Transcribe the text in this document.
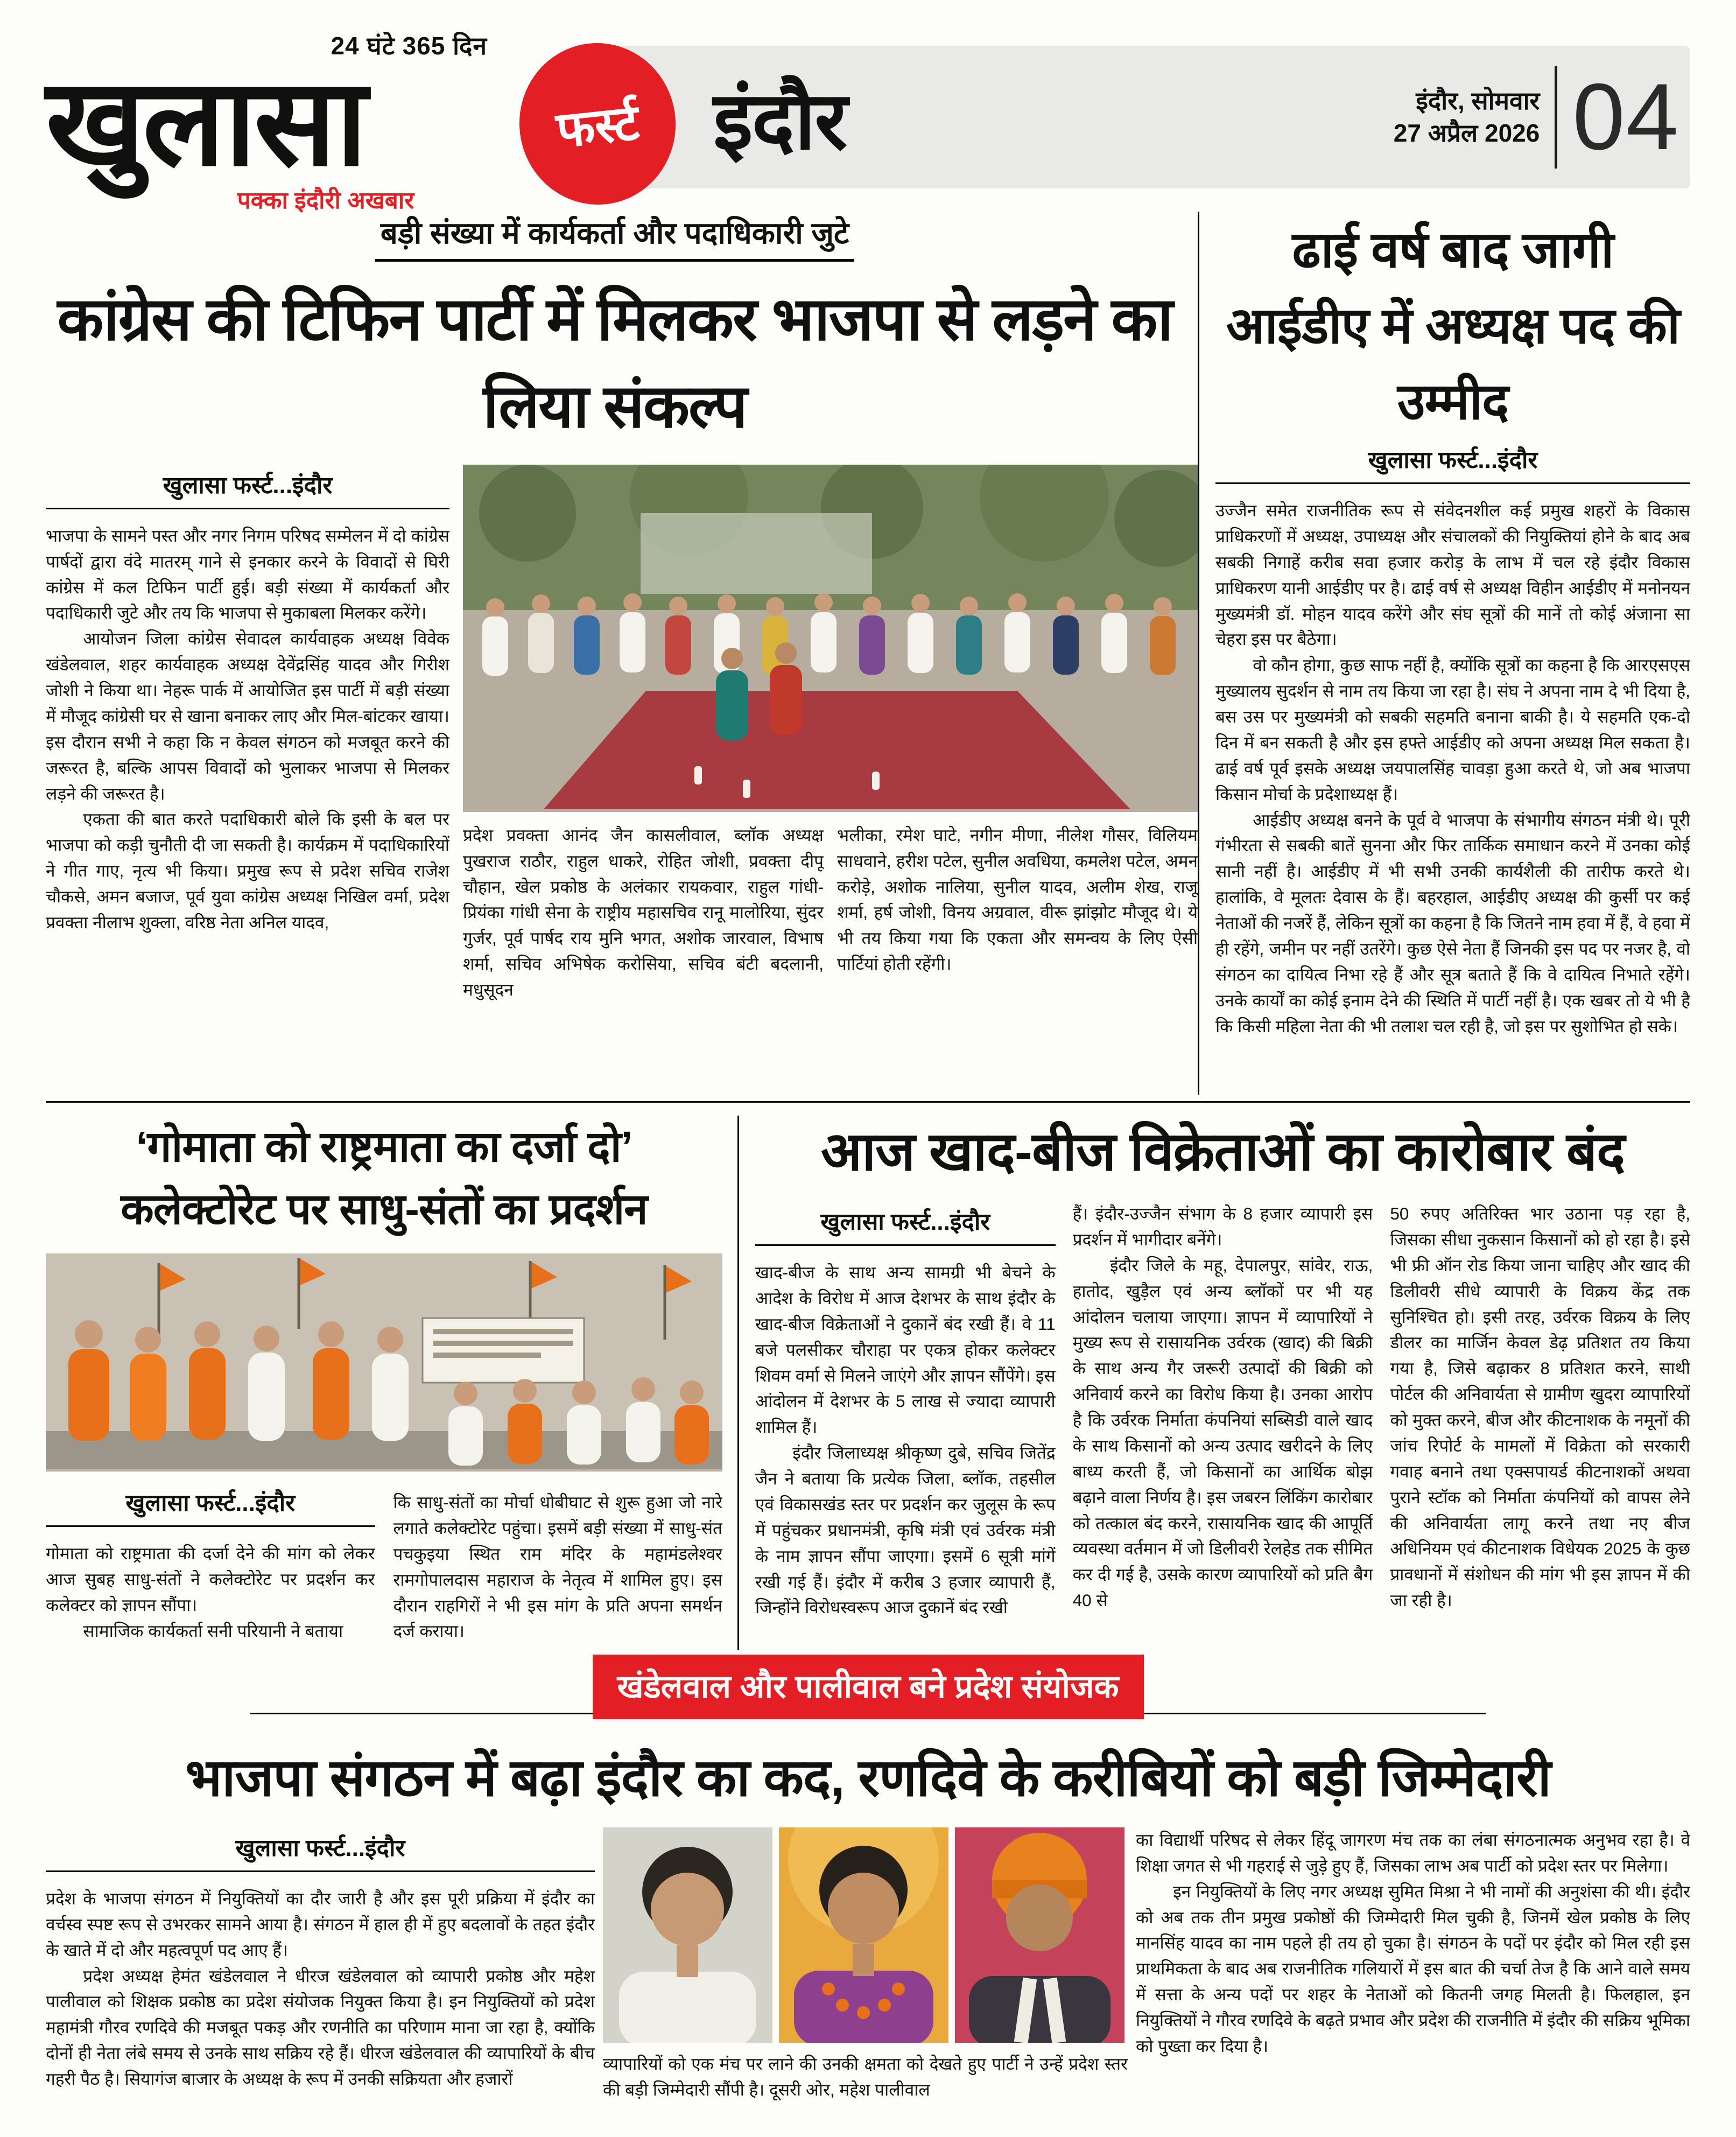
इंदौर	इंदौर, सोमवार
27 अप्रैल 2026 04
24 घंटे 365 दिन
खुलासा
पक्का इंदौरी अखबार
फर्स्ट
बड़ी संख्या में कार्यकर्ता और पदाधिकारी जुटे
कांग्रेस की टिफिन पार्टी में मिलकर भाजपा से लड़ने का लिया संकल्प
खुलासा फर्स्ट...इंदौर

भाजपा के सामने पस्त और नगर निगम परिषद सम्मेलन में दो कांग्रेस पार्षदों द्वारा वंदे मातरम् गाने से इनकार करने के विवादों से घिरी कांग्रेस में कल टिफिन पार्टी हुई। बड़ी संख्या में कार्यकर्ता और पदाधिकारी जुटे और तय कि भाजपा से मुकाबला मिलकर करेंगे।

आयोजन जिला कांग्रेस सेवादल कार्यवाहक अध्यक्ष विवेक खंडेलवाल, शहर कार्यवाहक अध्यक्ष देवेंद्रसिंह यादव और गिरीश जोशी ने किया था। नेहरू पार्क में आयोजित इस पार्टी में बड़ी संख्या में मौजूद कांग्रेसी घर से खाना बनाकर लाए और मिल-बांटकर खाया। इस दौरान सभी ने कहा कि न केवल संगठन को मजबूत करने की जरूरत है, बल्कि आपस विवादों को भुलाकर भाजपा से मिलकर लड़ने की जरूरत है।

एकता की बात करते पदाधिकारी बोले कि इसी के बल पर भाजपा को कड़ी चुनौती दी जा सकती है। कार्यक्रम में पदाधिकारियों ने गीत गाए, नृत्य भी किया। प्रमुख रूप से प्रदेश सचिव राजेश चौकसे, अमन बजाज, पूर्व युवा कांग्रेस अध्यक्ष निखिल वर्मा, प्रदेश प्रवक्ता नीलाभ शुक्ला, वरिष्ठ नेता अनिल यादव,

प्रदेश प्रवक्ता आनंद जैन कासलीवाल, ब्लॉक अध्यक्ष पुखराज राठौर, राहुल धाकरे, रोहित जोशी, प्रवक्ता दीपू चौहान, खेल प्रकोष्ठ के अलंकार रायकवार, राहुल गांधी-प्रियंका गांधी सेना के राष्ट्रीय महासचिव रानू मालोरिया, सुंदर गुर्जर, पूर्व पार्षद राय मुनि भगत, अशोक जारवाल, विभाष शर्मा, सचिव अभिषेक करोसिया, सचिव बंटी बदलानी, मधुसूदन

भलीका, रमेश घाटे, नगीन मीणा, नीलेश गौसर, विलियम साधवाने, हरीश पटेल, सुनील अवधिया, कमलेश पटेल, अमन करोड़े, अशोक नालिया, सुनील यादव, अलीम शेख, राजू शर्मा, हर्ष जोशी, विनय अग्रवाल, वीरू झांझोट मौजूद थे। ये भी तय किया गया कि एकता और समन्वय के लिए ऐसी पार्टियां होती रहेंगी।

ढाई वर्ष बाद जागी आईडीए में अध्यक्ष पद की उम्मीद
खुलासा फर्स्ट...इंदौर

उज्जैन समेत राजनीतिक रूप से संवेदनशील कई प्रमुख शहरों के विकास प्राधिकरणों में अध्यक्ष, उपाध्यक्ष और संचालकों की नियुक्तियां होने के बाद अब सबकी निगाहें करीब सवा हजार करोड़ के लाभ में चल रहे इंदौर विकास प्राधिकरण यानी आईडीए पर है। ढाई वर्ष से अध्यक्ष विहीन आईडीए में मनोनयन मुख्यमंत्री डॉ. मोहन यादव करेंगे और संघ सूत्रों की मानें तो कोई अंजाना सा चेहरा इस पर बैठेगा।

वो कौन होगा, कुछ साफ नहीं है, क्योंकि सूत्रों का कहना है कि आरएसएस मुख्यालय सुदर्शन से नाम तय किया जा रहा है। संघ ने अपना नाम दे भी दिया है, बस उस पर मुख्यमंत्री को सबकी सहमति बनाना बाकी है। ये सहमति एक-दो दिन में बन सकती है और इस हफ्ते आईडीए को अपना अध्यक्ष मिल सकता है। ढाई वर्ष पूर्व इसके अध्यक्ष जयपालसिंह चावड़ा हुआ करते थे, जो अब भाजपा किसान मोर्चा के प्रदेशाध्यक्ष हैं।

आईडीए अध्यक्ष बनने के पूर्व वे भाजपा के संभागीय संगठन मंत्री थे। पूरी गंभीरता से सबकी बातें सुनना और फिर तार्किक समाधान करने में उनका कोई सानी नहीं है। आईडीए में भी सभी उनकी कार्यशैली की तारीफ करते थे। हालांकि, वे मूलतः देवास के हैं। बहरहाल, आईडीए अध्यक्ष की कुर्सी पर कई नेताओं की नजरें हैं, लेकिन सूत्रों का कहना है कि जितने नाम हवा में हैं, वे हवा में ही रहेंगे, जमीन पर नहीं उतरेंगे। कुछ ऐसे नेता हैं जिनकी इस पद पर नजर है, वो संगठन का दायित्व निभा रहे हैं और सूत्र बताते हैं कि वे दायित्व निभाते रहेंगे। उनके कार्यों का कोई इनाम देने की स्थिति में पार्टी नहीं है। एक खबर तो ये भी है कि किसी महिला नेता की भी तलाश चल रही है, जो इस पर सुशोभित हो सके।

‘गोमाता को राष्ट्रमाता का दर्जा दो’
कलेक्टोरेट पर साधु-संतों का प्रदर्शन
खुलासा फर्स्ट...इंदौर

गोमाता को राष्ट्रमाता की दर्जा देने की मांग को लेकर आज सुबह साधु-संतों ने कलेक्टोरेट पर प्रदर्शन कर कलेक्टर को ज्ञापन सौंपा।

सामाजिक कार्यकर्ता सनी परियानी ने बताया

कि साधु-संतों का मोर्चा धोबीघाट से शुरू हुआ जो नारे लगाते कलेक्टोरेट पहुंचा। इसमें बड़ी संख्या में साधु-संत पचकुइया स्थित राम मंदिर के महामंडलेश्वर रामगोपालदास महाराज के नेतृत्व में शामिल हुए। इस दौरान राहगिरों ने भी इस मांग के प्रति अपना समर्थन दर्ज कराया।

आज खाद-बीज विक्रेताओं का कारोबार बंद
खुलासा फर्स्ट...इंदौर

खाद-बीज के साथ अन्य सामग्री भी बेचने के आदेश के विरोध में आज देशभर के साथ इंदौर के खाद-बीज विक्रेताओं ने दुकानें बंद रखी हैं। वे 11 बजे पलसीकर चौराहा पर एकत्र होकर कलेक्टर शिवम वर्मा से मिलने जाएंगे और ज्ञापन सौंपेंगे। इस आंदोलन में देशभर के 5 लाख से ज्यादा व्यापारी शामिल हैं।

इंदौर जिलाध्यक्ष श्रीकृष्ण दुबे, सचिव जितेंद्र जैन ने बताया कि प्रत्येक जिला, ब्लॉक, तहसील एवं विकासखंड स्तर पर प्रदर्शन कर जुलूस के रूप में पहुंचकर प्रधानमंत्री, कृषि मंत्री एवं उर्वरक मंत्री के नाम ज्ञापन सौंपा जाएगा। इसमें 6 सूत्री मांगें रखी गई हैं। इंदौर में करीब 3 हजार व्यापारी हैं, जिन्होंने विरोधस्वरूप आज दुकानें बंद रखी

हैं। इंदौर-उज्जैन संभाग के 8 हजार व्यापारी इस प्रदर्शन में भागीदार बनेंगे।

इंदौर जिले के महू, देपालपुर, सांवेर, राऊ, हातोद, खुड़ैल एवं अन्य ब्लॉकों पर भी यह आंदोलन चलाया जाएगा। ज्ञापन में व्यापारियों ने मुख्य रूप से रासायनिक उर्वरक (खाद) की बिक्री के साथ अन्य गैर जरूरी उत्पादों की बिक्री को अनिवार्य करने का विरोध किया है। उनका आरोप है कि उर्वरक निर्माता कंपनियां सब्सिडी वाले खाद के साथ किसानों को अन्य उत्पाद खरीदने के लिए बाध्य करती हैं, जो किसानों का आर्थिक बोझ बढ़ाने वाला निर्णय है। इस जबरन लिंकिंग कारोबार को तत्काल बंद करने, रासायनिक खाद की आपूर्ति व्यवस्था वर्तमान में जो डिलीवरी रेलहेड तक सीमित कर दी गई है, उसके कारण व्यापारियों को प्रति बैग 40 से

50 रुपए अतिरिक्त भार उठाना पड़ रहा है, जिसका सीधा नुकसान किसानों को हो रहा है। इसे भी फ्री ऑन रोड किया जाना चाहिए और खाद की डिलीवरी सीधे व्यापारी के विक्रय केंद्र तक सुनिश्चित हो। इसी तरह, उर्वरक विक्रय के लिए डीलर का मार्जिन केवल डेढ़ प्रतिशत तय किया गया है, जिसे बढ़ाकर 8 प्रतिशत करने, साथी पोर्टल की अनिवार्यता से ग्रामीण खुदरा व्यापारियों को मुक्त करने, बीज और कीटनाशक के नमूनों की जांच रिपोर्ट के मामलों में विक्रेता को सरकारी गवाह बनाने तथा एक्सपायर्ड कीटनाशकों अथवा पुराने स्टॉक को निर्माता कंपनियों को वापस लेने की अनिवार्यता लागू करने तथा नए बीज अधिनियम एवं कीटनाशक विधेयक 2025 के कुछ प्रावधानों में संशोधन की मांग भी इस ज्ञापन में की जा रही है।

खंडेलवाल और पालीवाल बने प्रदेश संयोजक
भाजपा संगठन में बढ़ा इंदौर का कद, रणदिवे के करीबियों को बड़ी जिम्मेदारी
खुलासा फर्स्ट...इंदौर

प्रदेश के भाजपा संगठन में नियुक्तियों का दौर जारी है और इस पूरी प्रक्रिया में इंदौर का वर्चस्व स्पष्ट रूप से उभरकर सामने आया है। संगठन में हाल ही में हुए बदलावों के तहत इंदौर के खाते में दो और महत्वपूर्ण पद आए हैं।

प्रदेश अध्यक्ष हेमंत खंडेलवाल ने धीरज खंडेलवाल को व्यापारी प्रकोष्ठ और महेश पालीवाल को शिक्षक प्रकोष्ठ का प्रदेश संयोजक नियुक्त किया है। इन नियुक्तियों को प्रदेश महामंत्री गौरव रणदिवे की मजबूत पकड़ और रणनीति का परिणाम माना जा रहा है, क्योंकि दोनों ही नेता लंबे समय से उनके साथ सक्रिय रहे हैं। धीरज खंडेलवाल की व्यापारियों के बीच गहरी पैठ है। सियागंज बाजार के अध्यक्ष के रूप में उनकी सक्रियता और हजारों

व्यापारियों को एक मंच पर लाने की उनकी क्षमता को देखते हुए पार्टी ने उन्हें प्रदेश स्तर की बड़ी जिम्मेदारी सौंपी है। दूसरी ओर, महेश पालीवाल

का विद्यार्थी परिषद से लेकर हिंदू जागरण मंच तक का लंबा संगठनात्मक अनुभव रहा है। वे शिक्षा जगत से भी गहराई से जुड़े हुए हैं, जिसका लाभ अब पार्टी को प्रदेश स्तर पर मिलेगा।

इन नियुक्तियों के लिए नगर अध्यक्ष सुमित मिश्रा ने भी नामों की अनुशंसा की थी। इंदौर को अब तक तीन प्रमुख प्रकोष्ठों की जिम्मेदारी मिल चुकी है, जिनमें खेल प्रकोष्ठ के लिए मानसिंह यादव का नाम पहले ही तय हो चुका है। संगठन के पदों पर इंदौर को मिल रही इस प्राथमिकता के बाद अब राजनीतिक गलियारों में इस बात की चर्चा तेज है कि आने वाले समय में सत्ता के अन्य पदों पर शहर के नेताओं को कितनी जगह मिलती है। फिलहाल, इन नियुक्तियों ने गौरव रणदिवे के बढ़ते प्रभाव और प्रदेश की राजनीति में इंदौर की सक्रिय भूमिका को पुख्ता कर दिया है।
